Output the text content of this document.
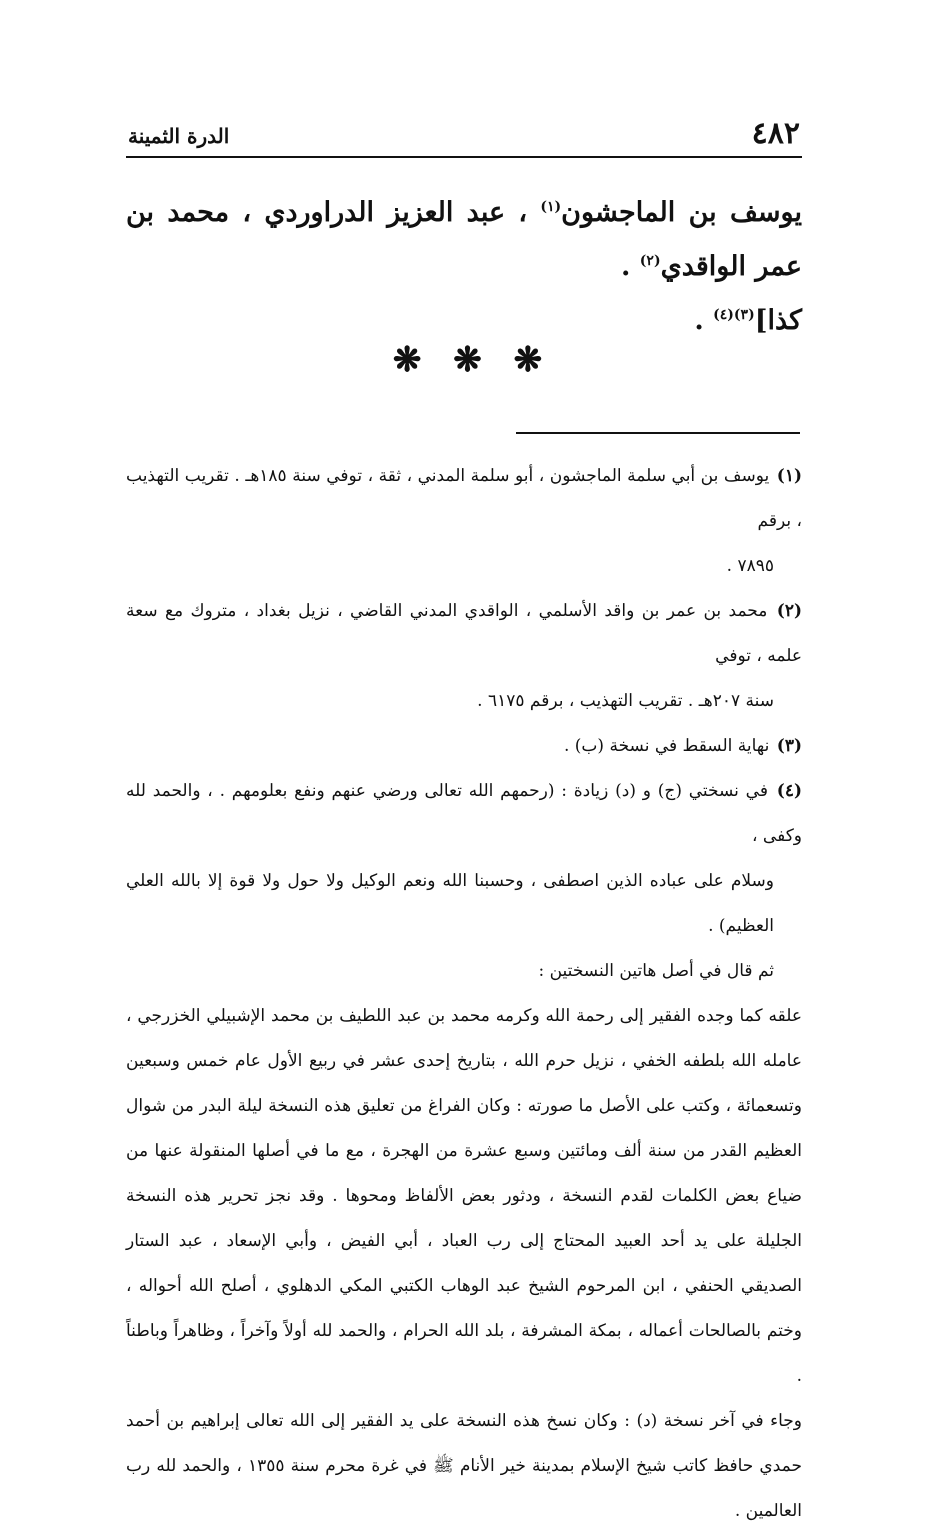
٤٨٢
الدرة الثمينة

يوسف بن الماجشون$^{(١)}$ ، عبد العزيز الدراوردي ، محمد بن عمر الواقدي$^{(٢)}$ .

كذا]$^{(٣)(٤)}$ .

❋ ❋ ❋

(١) يوسف بن أبي سلمة الماجشون ، أبو سلمة المدني ، ثقة ، توفي سنة ١٨٥هـ . تقريب التهذيب ، برقم

٧٨٩٥ .

(٢) محمد بن عمر بن واقد الأسلمي ، الواقدي المدني القاضي ، نزيل بغداد ، متروك مع سعة علمه ، توفي

سنة ٢٠٧هـ . تقريب التهذيب ، برقم ٦١٧٥ .

(٣) نهاية السقط في نسخة (ب) .

(٤) في نسختي (ج) و (د) زيادة : (رحمهم الله تعالى ورضي عنهم ونفع بعلومهم . ، والحمد لله وكفى ،

وسلام على عباده الذين اصطفى ، وحسبنا الله ونعم الوكيل ولا حول ولا قوة إلا بالله العلي العظيم) .

ثم قال في أصل هاتين النسختين :

علقه كما وجده الفقير إلى رحمة الله وكرمه محمد بن عبد اللطيف بن محمد الإشبيلي الخزرجي ، عامله الله بلطفه الخفي ، نزيل حرم الله ، بتاريخ إحدى عشر في ربيع الأول عام خمس وسبعين وتسعمائة ، وكتب على الأصل ما صورته : وكان الفراغ من تعليق هذه النسخة ليلة البدر من شوال العظيم القدر من سنة ألف ومائتين وسبع عشرة من الهجرة ، مع ما في أصلها المنقولة عنها من ضياع بعض الكلمات لقدم النسخة ، ودثور بعض الألفاظ ومحوها . وقد نجز تحرير هذه النسخة الجليلة على يد أحد العبيد المحتاج إلى رب العباد ، أبي الفيض ، وأبي الإسعاد ، عبد الستار الصديقي الحنفي ، ابن المرحوم الشيخ عبد الوهاب الكتبي المكي الدهلوي ، أصلح الله أحواله ، وختم بالصالحات أعماله ، بمكة المشرفة ، بلد الله الحرام ، والحمد لله أولاً وآخراً ، وظاهراً وباطناً .

وجاء في آخر نسخة (د) : وكان نسخ هذه النسخة على يد الفقير إلى الله تعالى إبراهيم بن أحمد حمدي حافظ كاتب شيخ الإسلام بمدينة خير الأنام ﷺ في غرة محرم سنة ١٣٥٥ ، والحمد لله رب العالمين .
